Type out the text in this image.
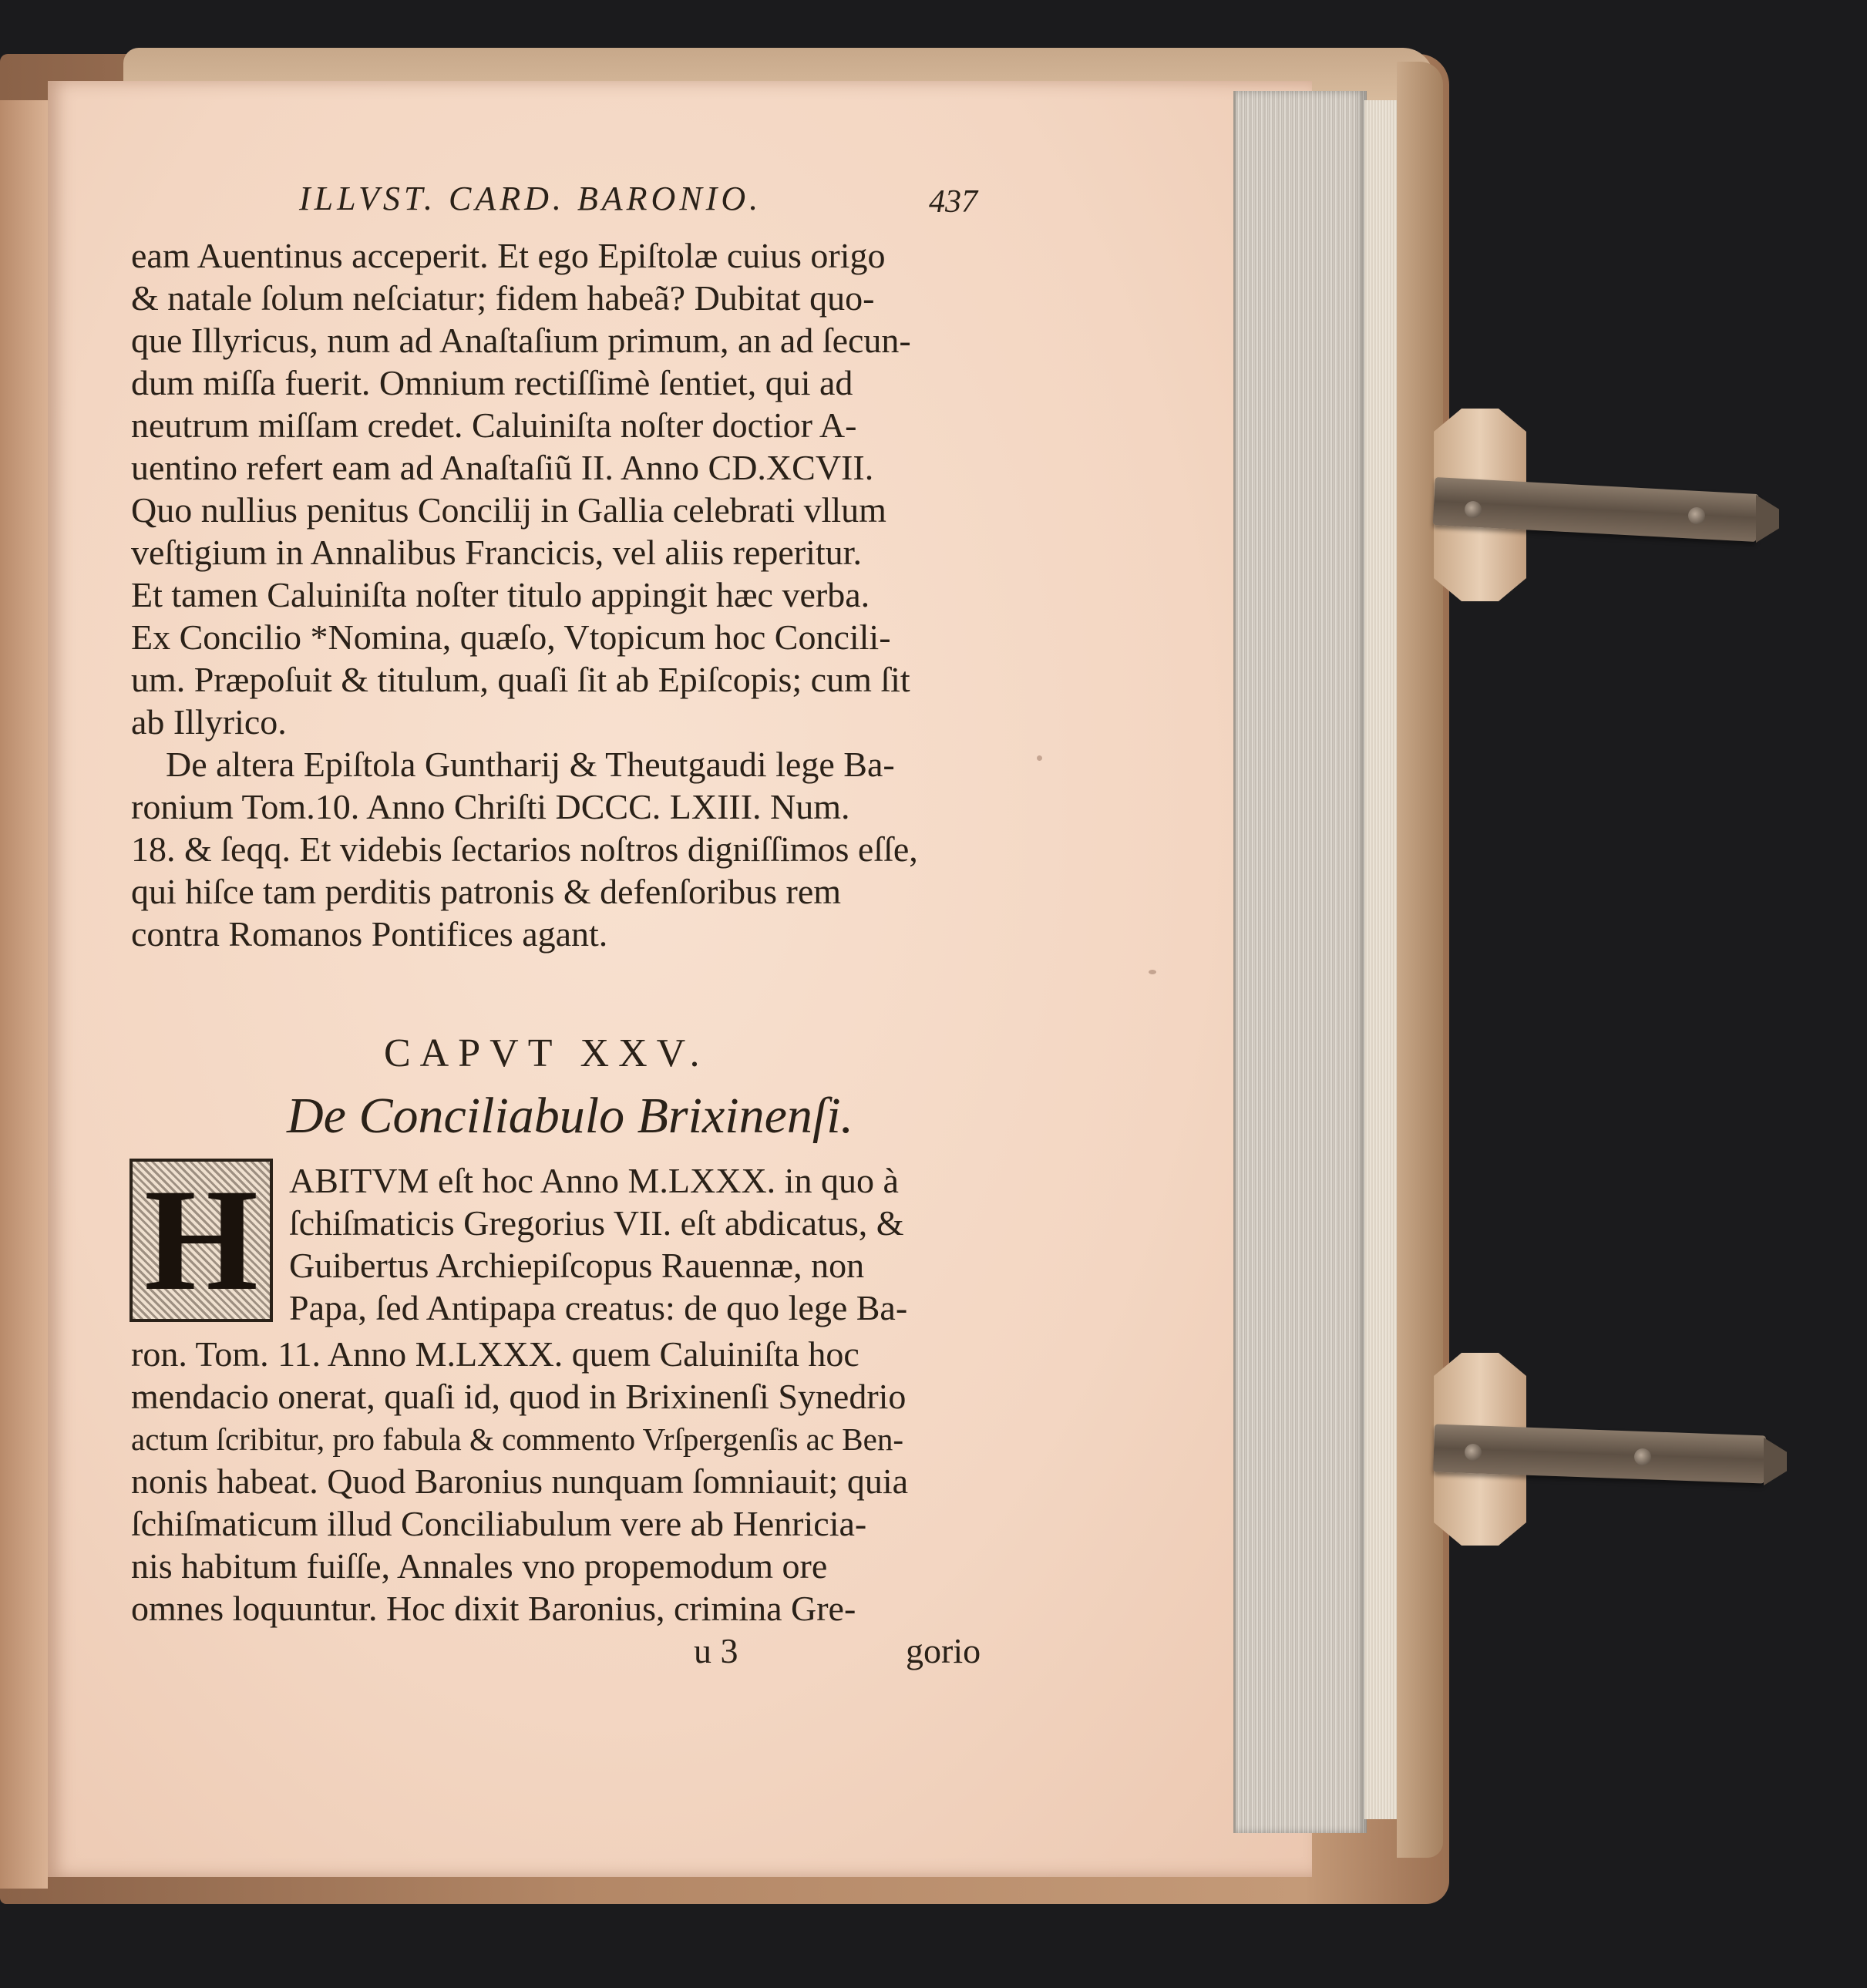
ILLVST. CARD. BARONIO.	437
eam Auentinus acceperit. Et ego Epiſtolæ cuius origo
& natale ſolum neſciatur; fidem habeã? Dubitat quo-
que Illyricus, num ad Anaſtaſium primum, an ad ſecun-
dum miſſa fuerit. Omnium rectiſſimè ſentiet, qui ad
neutrum miſſam credet. Caluiniſta noſter doctior A-
uentino refert eam ad Anaſtaſiũ II. Anno CD.XCVII.
Quo nullius penitus Concilij in Gallia celebrati vllum
veſtigium in Annalibus Francicis, vel aliis reperitur.
Et tamen Caluiniſta noſter titulo appingit hæc verba.
Ex Concilio *Nomina, quæſo, Vtopicum hoc Concili-
um. Præpoſuit & titulum, quaſi ſit ab Epiſcopis; cum ſit
ab Illyrico.
De altera Epiſtola Guntharij & Theutgaudi lege Ba-
ronium Tom.10. Anno Chriſti DCCC. LXIII. Num.
18. & ſeqq. Et videbis ſectarios noſtros digniſſimos eſſe,
qui hiſce tam perditis patronis & defenſoribus rem
contra Romanos Pontifices agant.
CAPVT XXV.
De Conciliabulo Brixinenſi.
H ABITVM eſt hoc Anno M.LXXX. in quo à
ſchiſmaticis Gregorius VII. eſt abdicatus, &
Guibertus Archiepiſcopus Rauennæ, non
Papa, ſed Antipapa creatus: de quo lege Ba-
ron. Tom. 11. Anno M.LXXX. quem Caluiniſta hoc
mendacio onerat, quaſi id, quod in Brixinenſi Synedrio
actum ſcribitur, pro fabula & commento Vrſpergenſis ac Ben-
nonis habeat. Quod Baronius nunquam ſomniauit; quia
ſchiſmaticum illud Conciliabulum vere ab Henricia-
nis habitum fuiſſe, Annales vno propemodum ore
omnes loquuntur. Hoc dixit Baronius, crimina Gre-
u 3	gorio
